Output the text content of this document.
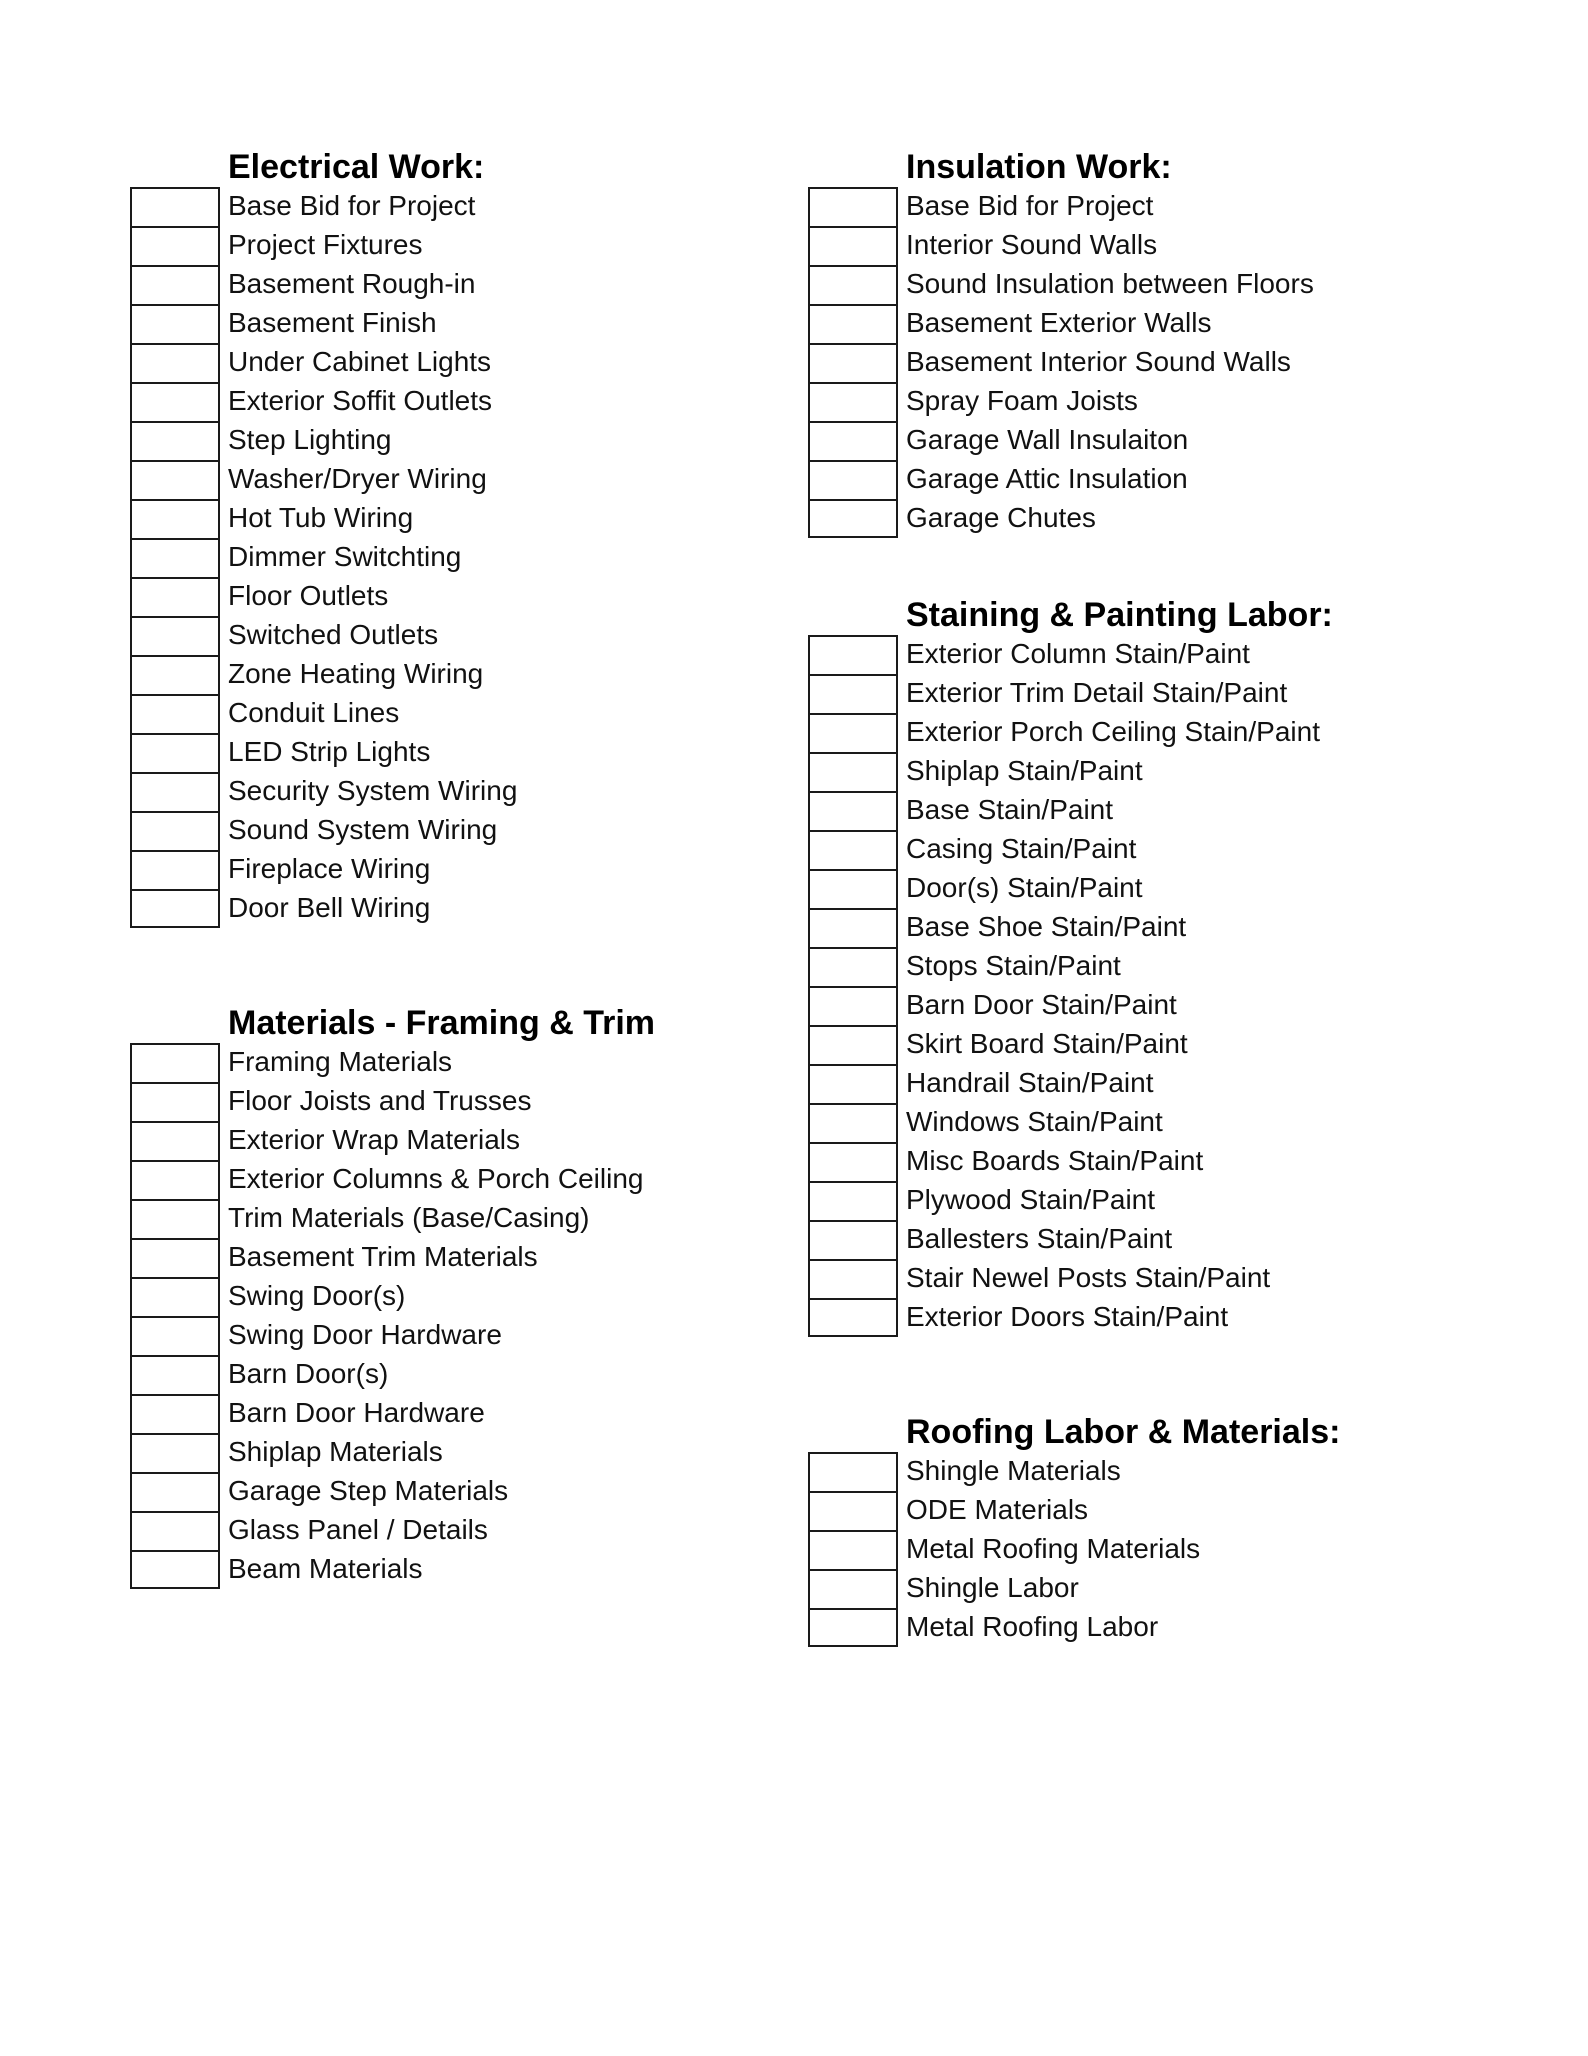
Electrical Work:
Base Bid for Project
Project Fixtures
Basement Rough-in
Basement Finish
Under Cabinet Lights
Exterior Soffit Outlets
Step Lighting
Washer/Dryer Wiring
Hot Tub Wiring
Dimmer Switchting
Floor Outlets
Switched Outlets
Zone Heating Wiring
Conduit Lines
LED Strip Lights
Security System Wiring
Sound System Wiring
Fireplace Wiring
Door Bell Wiring
Materials - Framing & Trim
Framing Materials
Floor Joists and Trusses
Exterior Wrap Materials
Exterior Columns & Porch Ceiling
Trim Materials (Base/Casing)
Basement Trim Materials
Swing Door(s)
Swing Door Hardware
Barn Door(s)
Barn Door Hardware
Shiplap Materials
Garage Step Materials
Glass Panel / Details
Beam Materials
Insulation Work:
Base Bid for Project
Interior Sound Walls
Sound Insulation between Floors
Basement Exterior Walls
Basement Interior Sound Walls
Spray Foam Joists
Garage Wall Insulaiton
Garage Attic Insulation
Garage Chutes
Staining & Painting Labor:
Exterior Column Stain/Paint
Exterior Trim Detail Stain/Paint
Exterior Porch Ceiling Stain/Paint
Shiplap Stain/Paint
Base Stain/Paint
Casing Stain/Paint
Door(s) Stain/Paint
Base Shoe Stain/Paint
Stops Stain/Paint
Barn Door Stain/Paint
Skirt Board Stain/Paint
Handrail Stain/Paint
Windows Stain/Paint
Misc Boards Stain/Paint
Plywood Stain/Paint
Ballesters Stain/Paint
Stair Newel Posts Stain/Paint
Exterior Doors Stain/Paint
Roofing Labor & Materials:
Shingle Materials
ODE Materials
Metal Roofing Materials
Shingle Labor
Metal Roofing Labor
